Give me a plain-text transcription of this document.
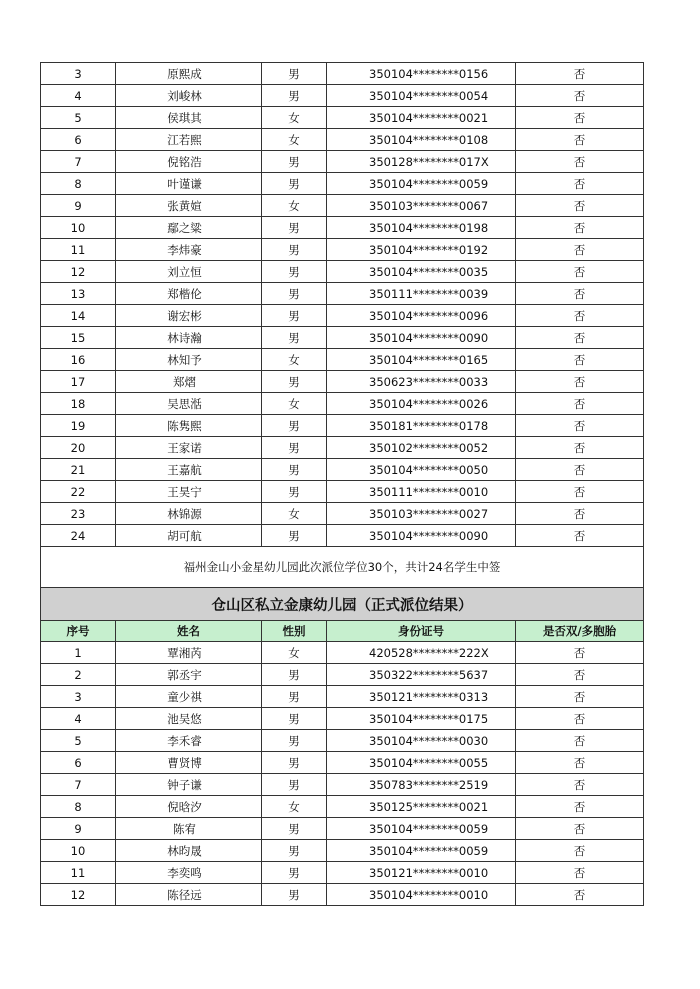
3	原熙成	男	350104********0156	否
4	刘峻林	男	350104********0054	否
5	侯琪其	女	350104********0021	否
6	江若熙	女	350104********0108	否
7	倪铭浩	男	350128********017X	否
8	叶谨谦	男	350104********0059	否
9	张黄媗	女	350103********0067	否
10	鄢之粱	男	350104********0198	否
11	李炜豪	男	350104********0192	否
12	刘立恒	男	350104********0035	否
13	郑楷伦	男	350111********0039	否
14	谢宏彬	男	350104********0096	否
15	林诗瀚	男	350104********0090	否
16	林知予	女	350104********0165	否
17	郑熠	男	350623********0033	否
18	吴思湉	女	350104********0026	否
19	陈隽熙	男	350181********0178	否
20	王家诺	男	350102********0052	否
21	王嘉航	男	350104********0050	否
22	王昊宁	男	350111********0010	否
23	林锦源	女	350103********0027	否
24	胡可航	男	350104********0090	否
福州金山小金星幼儿园此次派位学位30个，共计24名学生中签				
仓山区私立金康幼儿园（正式派位结果）				
序号	姓名	性别	身份证号	是否双/多胞胎
1	覃湘芮	女	420528********222X	否
2	郭丞宇	男	350322********5637	否
3	童少祺	男	350121********0313	否
4	池吴悠	男	350104********0175	否
5	李禾睿	男	350104********0030	否
6	曹贤博	男	350104********0055	否
7	钟子谦	男	350783********2519	否
8	倪晗汐	女	350125********0021	否
9	陈宥	男	350104********0059	否
10	林昀晟	男	350104********0059	否
11	李奕鸣	男	350121********0010	否
12	陈径远	男	350104********0010	否
